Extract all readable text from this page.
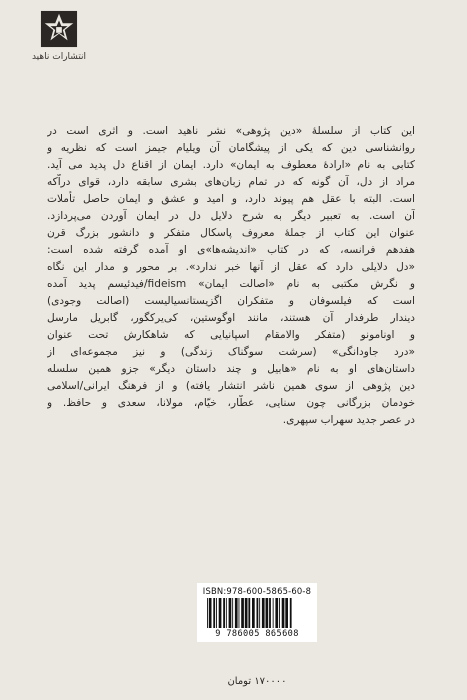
انتشارات ناهید
این کتاب از سلسلهٔ «دین پژوهی» نشر ناهید است. و اثری است در
روانشناسی دین که یکی از پیشگامان آن ویلیام جیمز است که نظریه و
کتابی به نام «ارادهٔ معطوف به ایمان» دارد. ایمان از اقناع دل پدید می آید.
مراد از دل، آن گونه که در تمام زبان‌های بشری سابقه دارد، قوای دراّکه
است. البته با عقل هم پیوند دارد، و امید و عشق و ایمان حاصل تأملات
آن است. به تعبیر دیگر به شرح دلایل دل در ایمان آوردن می‌پردازد.
عنوان این کتاب از جملهٔ معروف پاسکال متفکر و دانشور بزرگ قرن
هفدهم فرانسه، که در کتاب «اندیشه‌ها»ی او آمده گرفته شده است:
«دل دلایلی دارد که عقل از آنها خبر ندارد». بر محور و مدار این نگاه
و نگرش مکتبی به نام «اصالت ایمان» fideism/فیدئیسم پدید آمده
است که فیلسوفان و متفکران اگزیستانسیالیست (اصالت وجودی)
دیندار طرفدار آن هستند، مانند اوگوستین، کی‌یرکگور، گابریل مارسل
و اونامونو (متفکر والامقام اسپانیایی که شاهکارش تحت عنوان
«درد جاودانگی» (سرشت سوگناک زندگی) و نیز مجموعه‌ای از
داستان‌های او به نام «هابیل و چند داستان دیگر» جزو همین سلسله
دین پژوهی از سوی همین ناشر انتشار یافته) و از فرهنگ ایرانی/اسلامی
خودمان بزرگانی چون سنایی، عطّار، خیّام، مولانا، سعدی و حافظ. و
در عصر جدید سهراب سپهری.
ISBN:978-600-5865-60-8
9 786005 865608
۱۷۰۰۰۰ تومان
